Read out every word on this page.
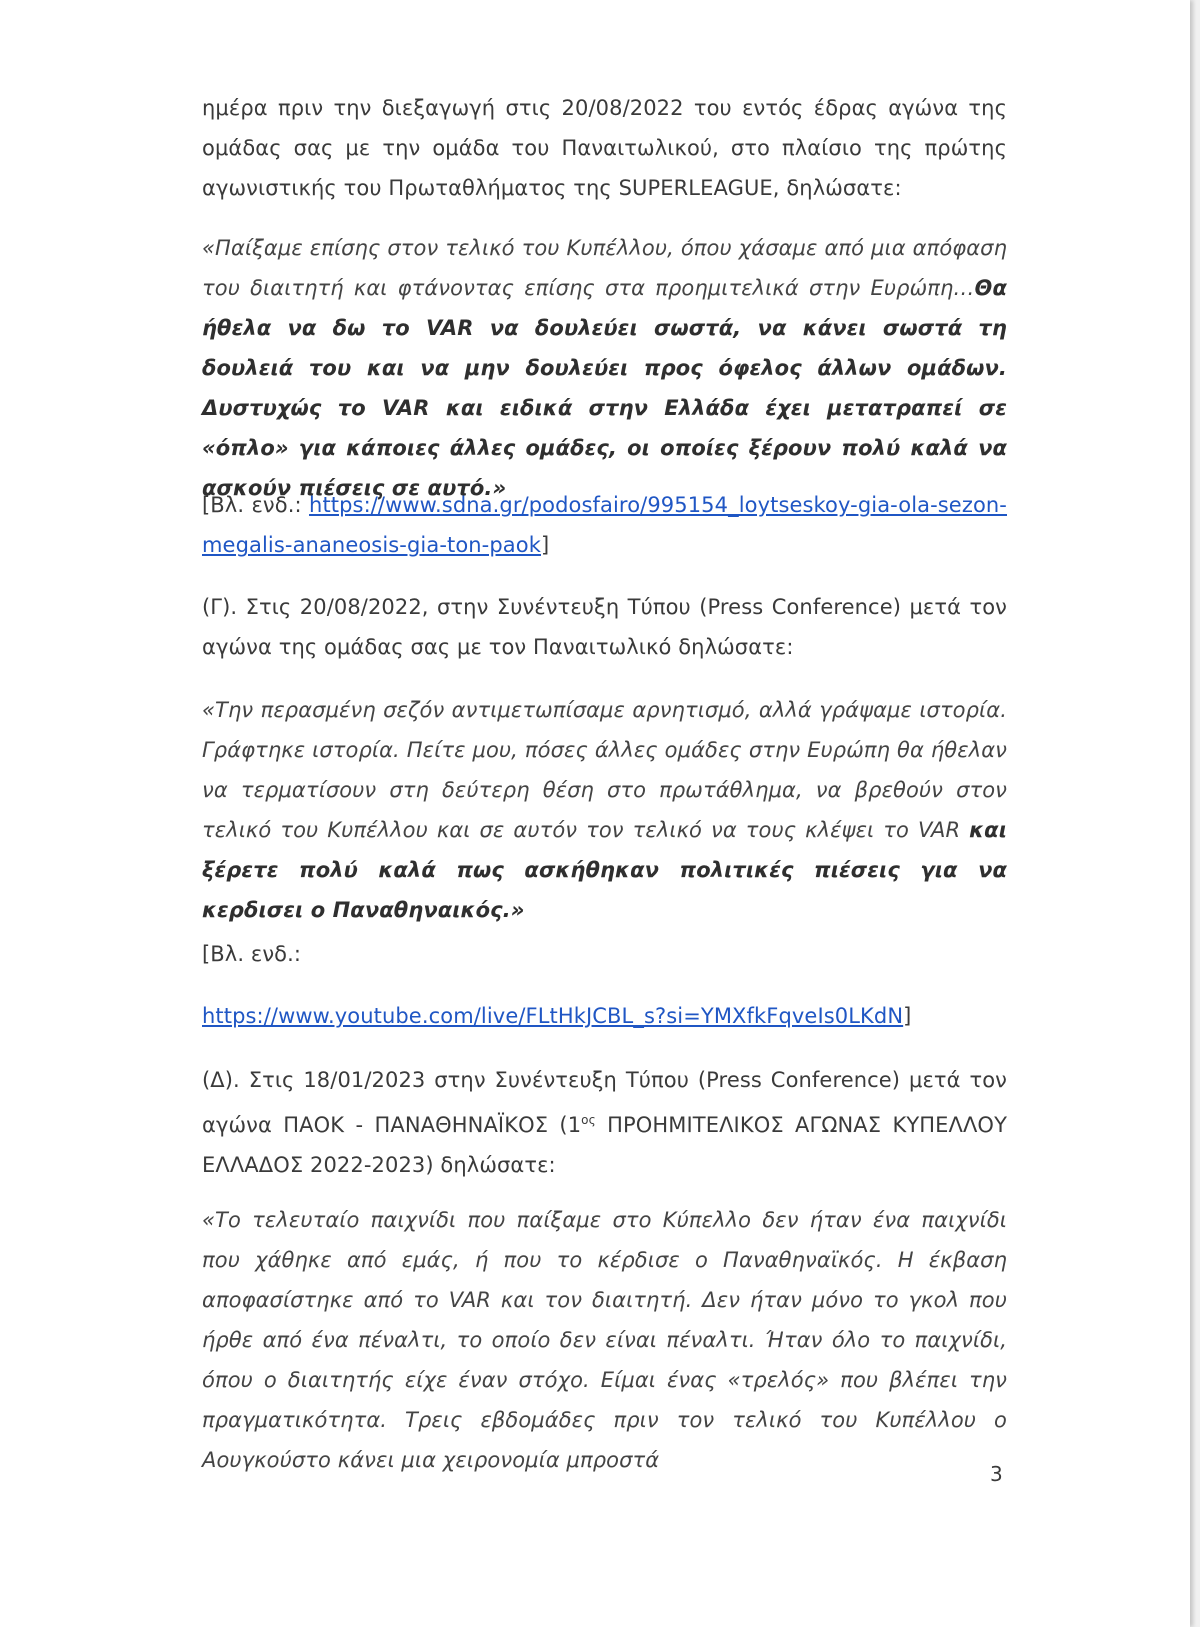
ημέρα πριν την διεξαγωγή στις 20/08/2022 του εντός έδρας αγώνα της ομάδας σας με την ομάδα του Παναιτωλικού, στο πλαίσιο της πρώτης αγωνιστικής του Πρωταθλήματος της SUPERLEAGUE, δηλώσατε:
«Παίξαμε επίσης στον τελικό του Κυπέλλου, όπου χάσαμε από μια απόφαση του διαιτητή και φτάνοντας επίσης στα προημιτελικά στην Ευρώπη…Θα ήθελα να δω το VAR να δουλεύει σωστά, να κάνει σωστά τη δουλειά του και να μην δουλεύει προς όφελος άλλων ομάδων. Δυστυχώς το VAR και ειδικά στην Ελλάδα έχει μετατραπεί σε «όπλο» για κάποιες άλλες ομάδες, οι οποίες ξέρουν πολύ καλά να ασκούν πιέσεις σε αυτό.»
[Βλ. ενδ.: https://www.sdna.gr/podosfairo/995154_loytseskoy-gia-ola-sezon-megalis-ananeosis-gia-ton-paok]
(Γ). Στις 20/08/2022, στην Συνέντευξη Τύπου (Press Conference) μετά τον αγώνα της ομάδας σας με τον Παναιτωλικό δηλώσατε:
«Την περασμένη σεζόν αντιμετωπίσαμε αρνητισμό, αλλά γράψαμε ιστορία. Γράφτηκε ιστορία. Πείτε μου, πόσες άλλες ομάδες στην Ευρώπη θα ήθελαν να τερματίσουν στη δεύτερη θέση στο πρωτάθλημα, να βρεθούν στον τελικό του Κυπέλλου και σε αυτόν τον τελικό να τους κλέψει το VAR και ξέρετε πολύ καλά πως ασκήθηκαν πολιτικές πιέσεις για να κερδισει ο Παναθηναικός.»
[Βλ. ενδ.:
https://www.youtube.com/live/FLtHkJCBL_s?si=YMXfkFqveIs0LKdN]
(Δ). Στις 18/01/2023 στην Συνέντευξη Τύπου (Press Conference) μετά τον αγώνα ΠΑΟΚ - ΠΑΝΑΘΗΝΑΪΚΟΣ ($1^{o\varsigma}$ ΠΡΟΗΜΙΤΕΛΙΚΟΣ ΑΓΩΝΑΣ ΚΥΠΕΛΛΟΥ ΕΛΛΑΔΟΣ 2022-2023) δηλώσατε:
«Το τελευταίο παιχνίδι που παίξαμε στο Κύπελλο δεν ήταν ένα παιχνίδι που χάθηκε από εμάς, ή που το κέρδισε ο Παναθηναϊκός. Η έκβαση αποφασίστηκε από το VAR και τον διαιτητή. Δεν ήταν μόνο το γκολ που ήρθε από ένα πέναλτι, το οποίο δεν είναι πέναλτι. Ήταν όλο το παιχνίδι, όπου ο διαιτητής είχε έναν στόχο. Είμαι ένας «τρελός» που βλέπει την πραγματικότητα. Τρεις εβδομάδες πριν τον τελικό του Κυπέλλου ο Αουγκούστο κάνει μια χειρονομία μπροστά
3
